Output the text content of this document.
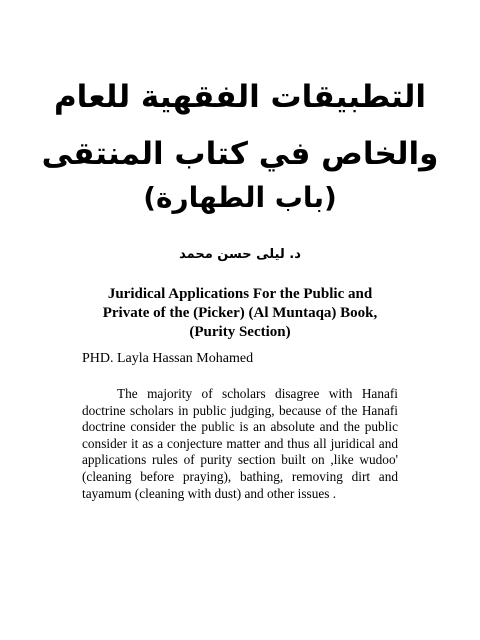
التطبيقات الفقهية للعام
والخاص في كتاب المنتقى
(باب الطهارة)
د. ليلى حسن محمد
Juridical Applications For the Public and
Private of the (Picker) (Al Muntaqa) Book,
(Purity Section)
PHD. Layla Hassan Mohamed

The majority of scholars disagree with Hanafi doctrine scholars in public judging, because of the Hanafi doctrine consider the public is an absolute and the public consider it as a conjecture matter and thus all juridical and applications rules of purity section built on ,like wudoo' (cleaning before praying), bathing, removing dirt and tayamum (cleaning with dust) and other issues .
